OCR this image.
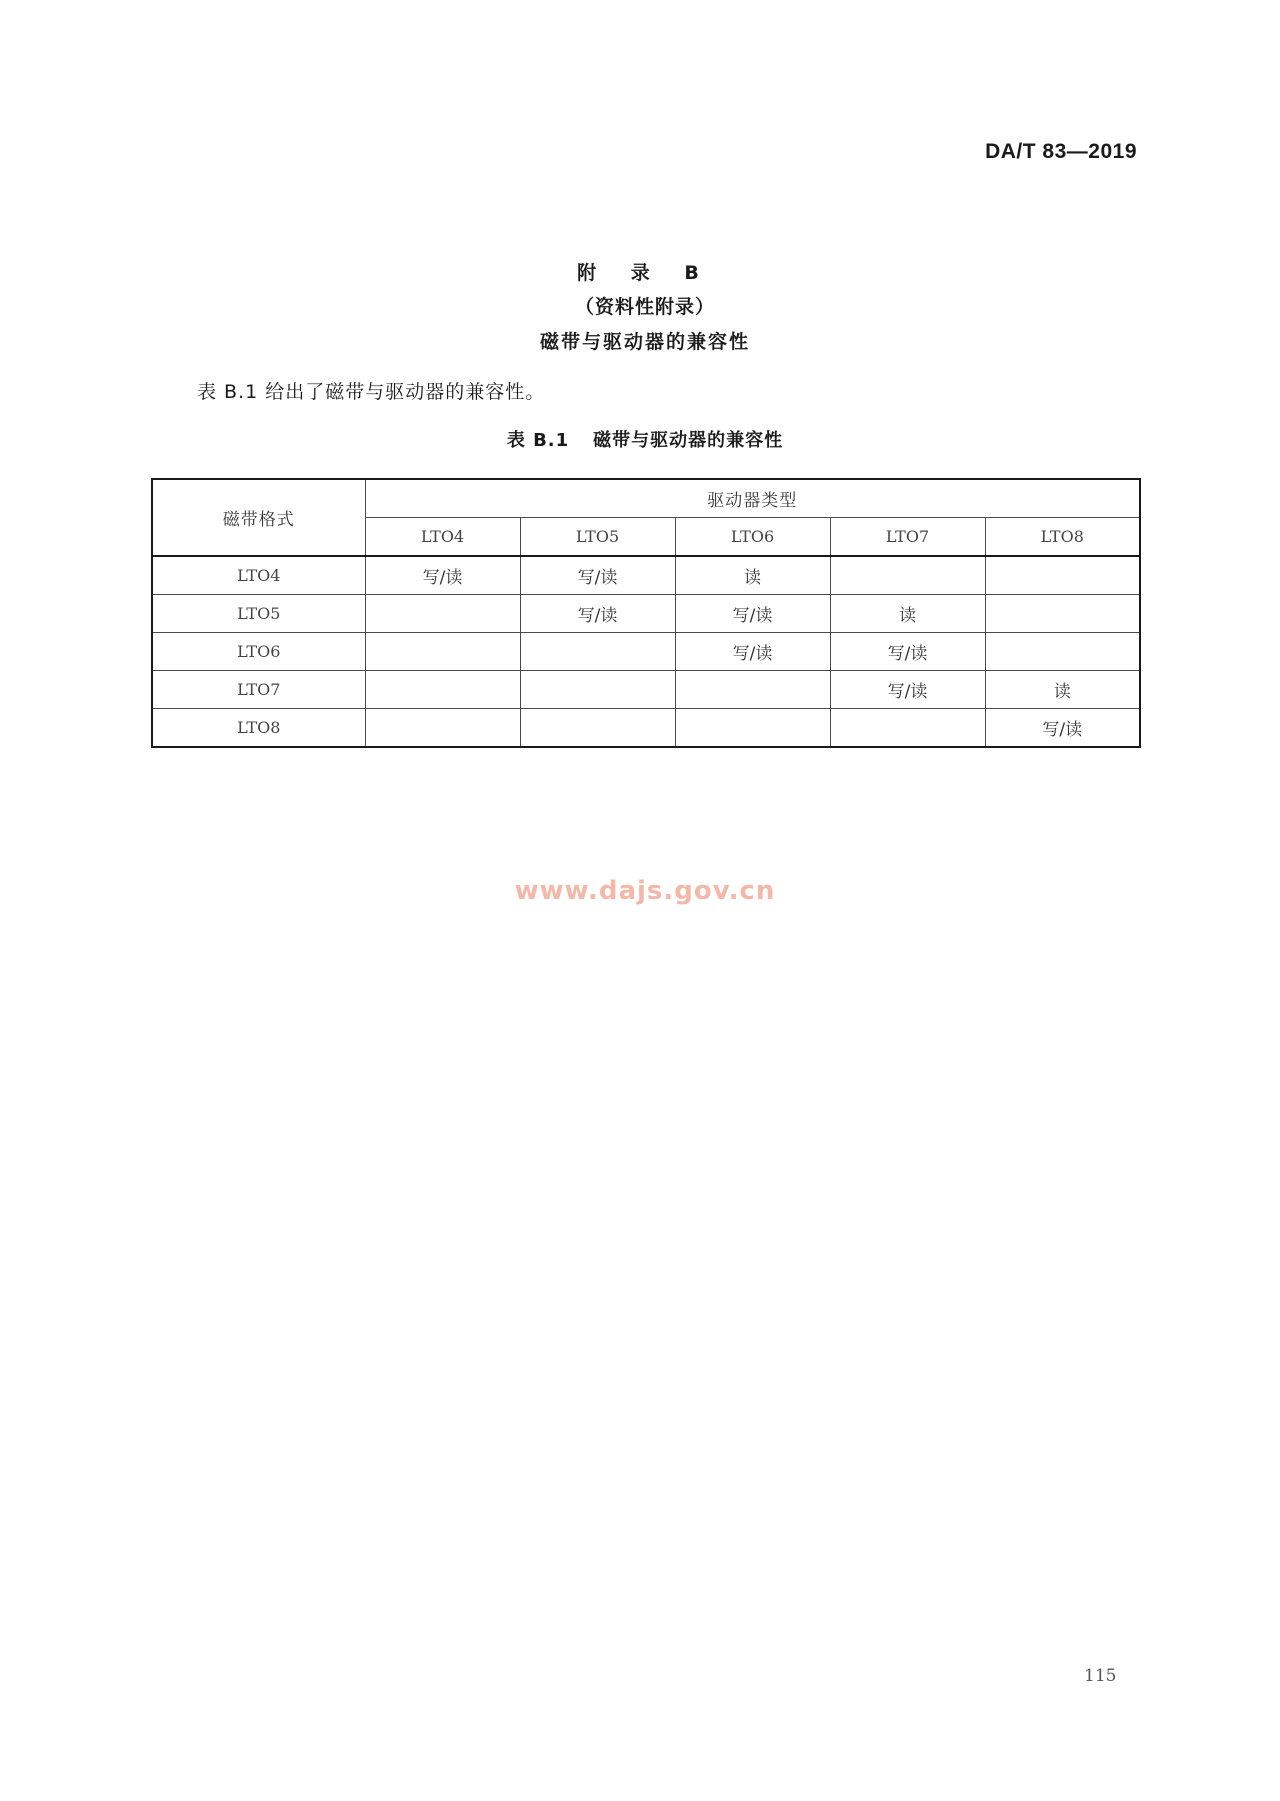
DA/T 83—2019
附 录 B
（资料性附录）
磁带与驱动器的兼容性
表 B.1 给出了磁带与驱动器的兼容性。
表 B.1 磁带与驱动器的兼容性
磁带格式	驱动器类型				
	LTO4	LTO5	LTO6	LTO7	LTO8
LTO4	写/读	写/读	读		
LTO5		写/读	写/读	读	
LTO6			写/读	写/读	
LTO7				写/读	读
LTO8					写/读
www.dajs.gov.cn
115
